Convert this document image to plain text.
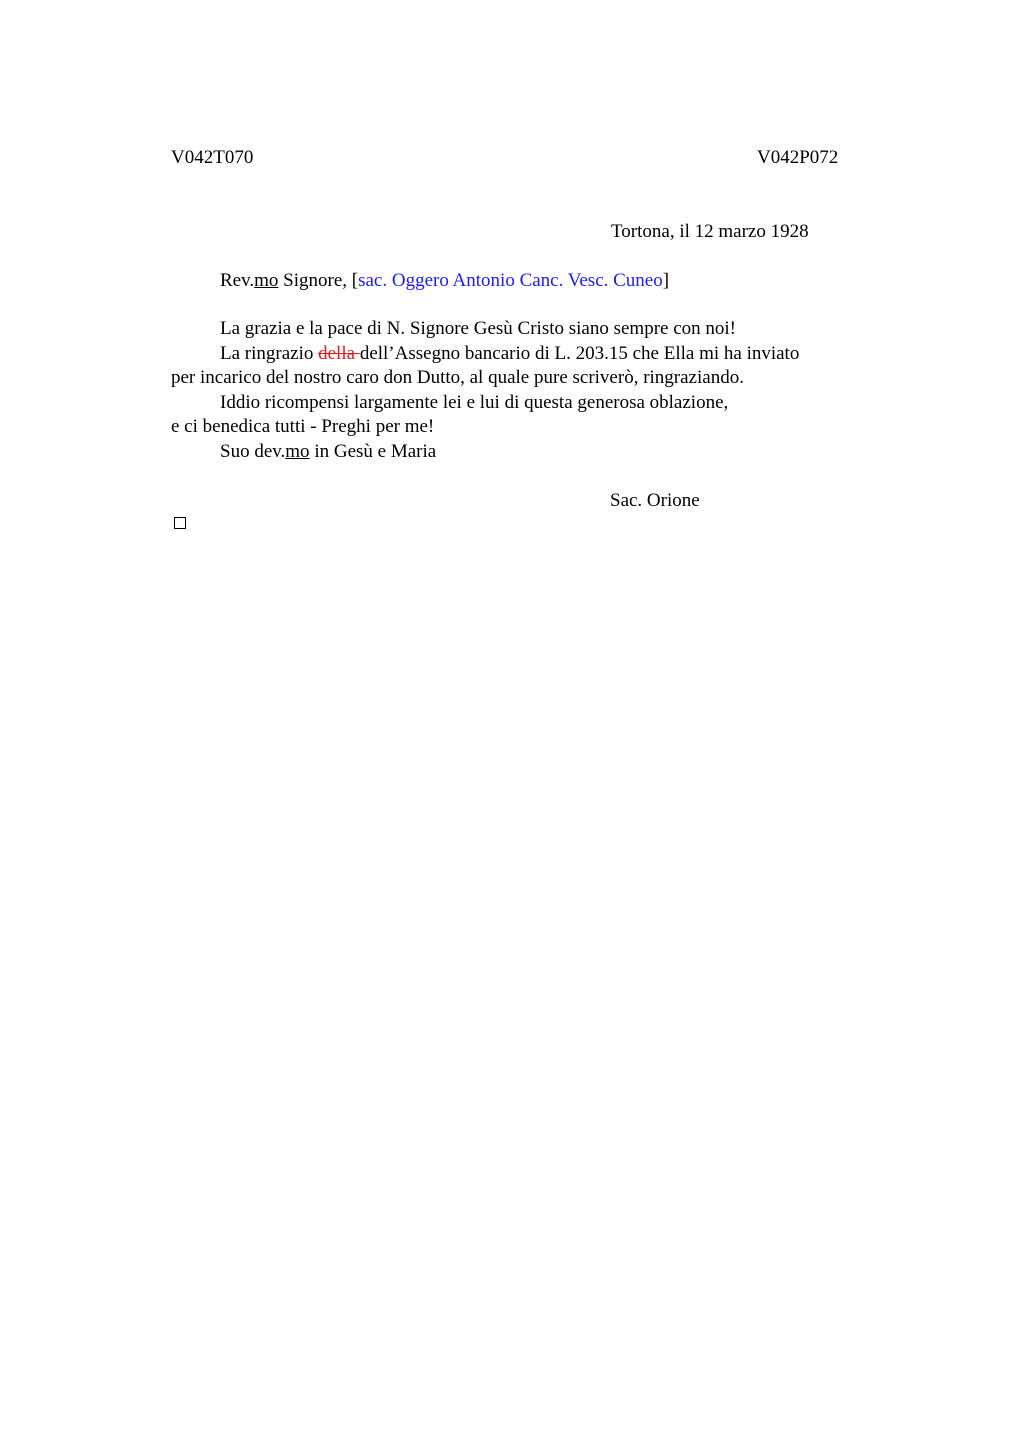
V042T070	V042P072
Tortona, il 12 marzo 1928
Rev.mo Signore, [sac. Oggero Antonio Canc. Vesc. Cuneo]
La grazia e la pace di N. Signore Gesù Cristo siano sempre con noi!
La ringrazio della dell’Assegno bancario di L. 203.15 che Ella mi ha inviato
per incarico del nostro caro don Dutto, al quale pure scriverò, ringraziando.
Iddio ricompensi largamente lei e lui di questa generosa oblazione,
e ci benedica tutti - Preghi per me!
Suo dev.mo in Gesù e Maria
Sac. Orione
